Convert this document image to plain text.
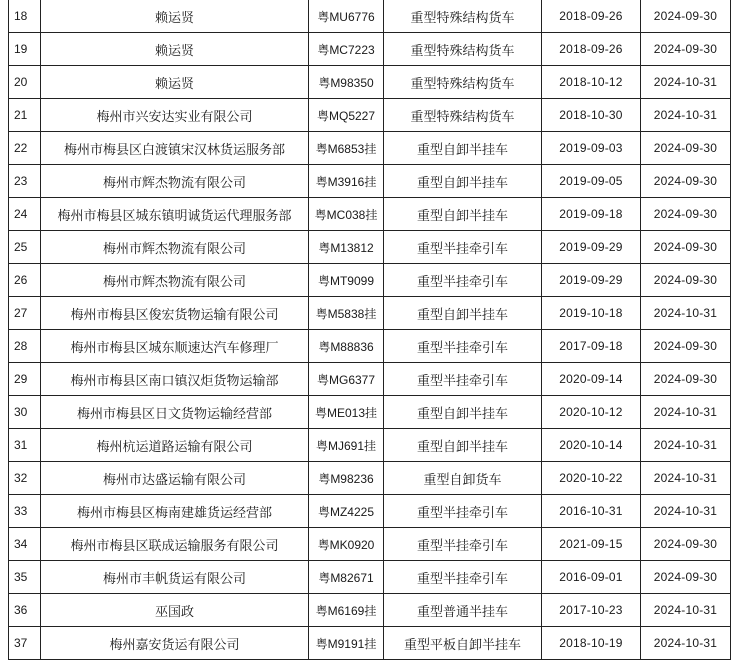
18	赖运贤	粤MU6776	重型特殊结构货车	2018-09-26	2024-09-30
19	赖运贤	粤MC7223	重型特殊结构货车	2018-09-26	2024-09-30
20	赖运贤	粤M98350	重型特殊结构货车	2018-10-12	2024-10-31
21	梅州市兴安达实业有限公司	粤MQ5227	重型特殊结构货车	2018-10-30	2024-10-31
22	梅州市梅县区白渡镇宋汉林货运服务部	粤M6853挂	重型自卸半挂车	2019-09-03	2024-09-30
23	梅州市辉杰物流有限公司	粤M3916挂	重型自卸半挂车	2019-09-05	2024-09-30
24	梅州市梅县区城东镇明诚货运代理服务部	粤MC038挂	重型自卸半挂车	2019-09-18	2024-09-30
25	梅州市辉杰物流有限公司	粤M13812	重型半挂牵引车	2019-09-29	2024-09-30
26	梅州市辉杰物流有限公司	粤MT9099	重型半挂牵引车	2019-09-29	2024-09-30
27	梅州市梅县区俊宏货物运输有限公司	粤M5838挂	重型自卸半挂车	2019-10-18	2024-10-31
28	梅州市梅县区城东顺速达汽车修理厂	粤M88836	重型半挂牵引车	2017-09-18	2024-09-30
29	梅州市梅县区南口镇汉炬货物运输部	粤MG6377	重型半挂牵引车	2020-09-14	2024-09-30
30	梅州市梅县区日文货物运输经营部	粤ME013挂	重型自卸半挂车	2020-10-12	2024-10-31
31	梅州杭运道路运输有限公司	粤MJ691挂	重型自卸半挂车	2020-10-14	2024-10-31
32	梅州市达盛运输有限公司	粤M98236	重型自卸货车	2020-10-22	2024-10-31
33	梅州市梅县区梅南建雄货运经营部	粤MZ4225	重型半挂牵引车	2016-10-31	2024-10-31
34	梅州市梅县区联成运输服务有限公司	粤MK0920	重型半挂牵引车	2021-09-15	2024-09-30
35	梅州市丰帆货运有限公司	粤M82671	重型半挂牵引车	2016-09-01	2024-09-30
36	巫国政	粤M6169挂	重型普通半挂车	2017-10-23	2024-10-31
37	梅州嘉安货运有限公司	粤M9191挂	重型平板自卸半挂车	2018-10-19	2024-10-31
